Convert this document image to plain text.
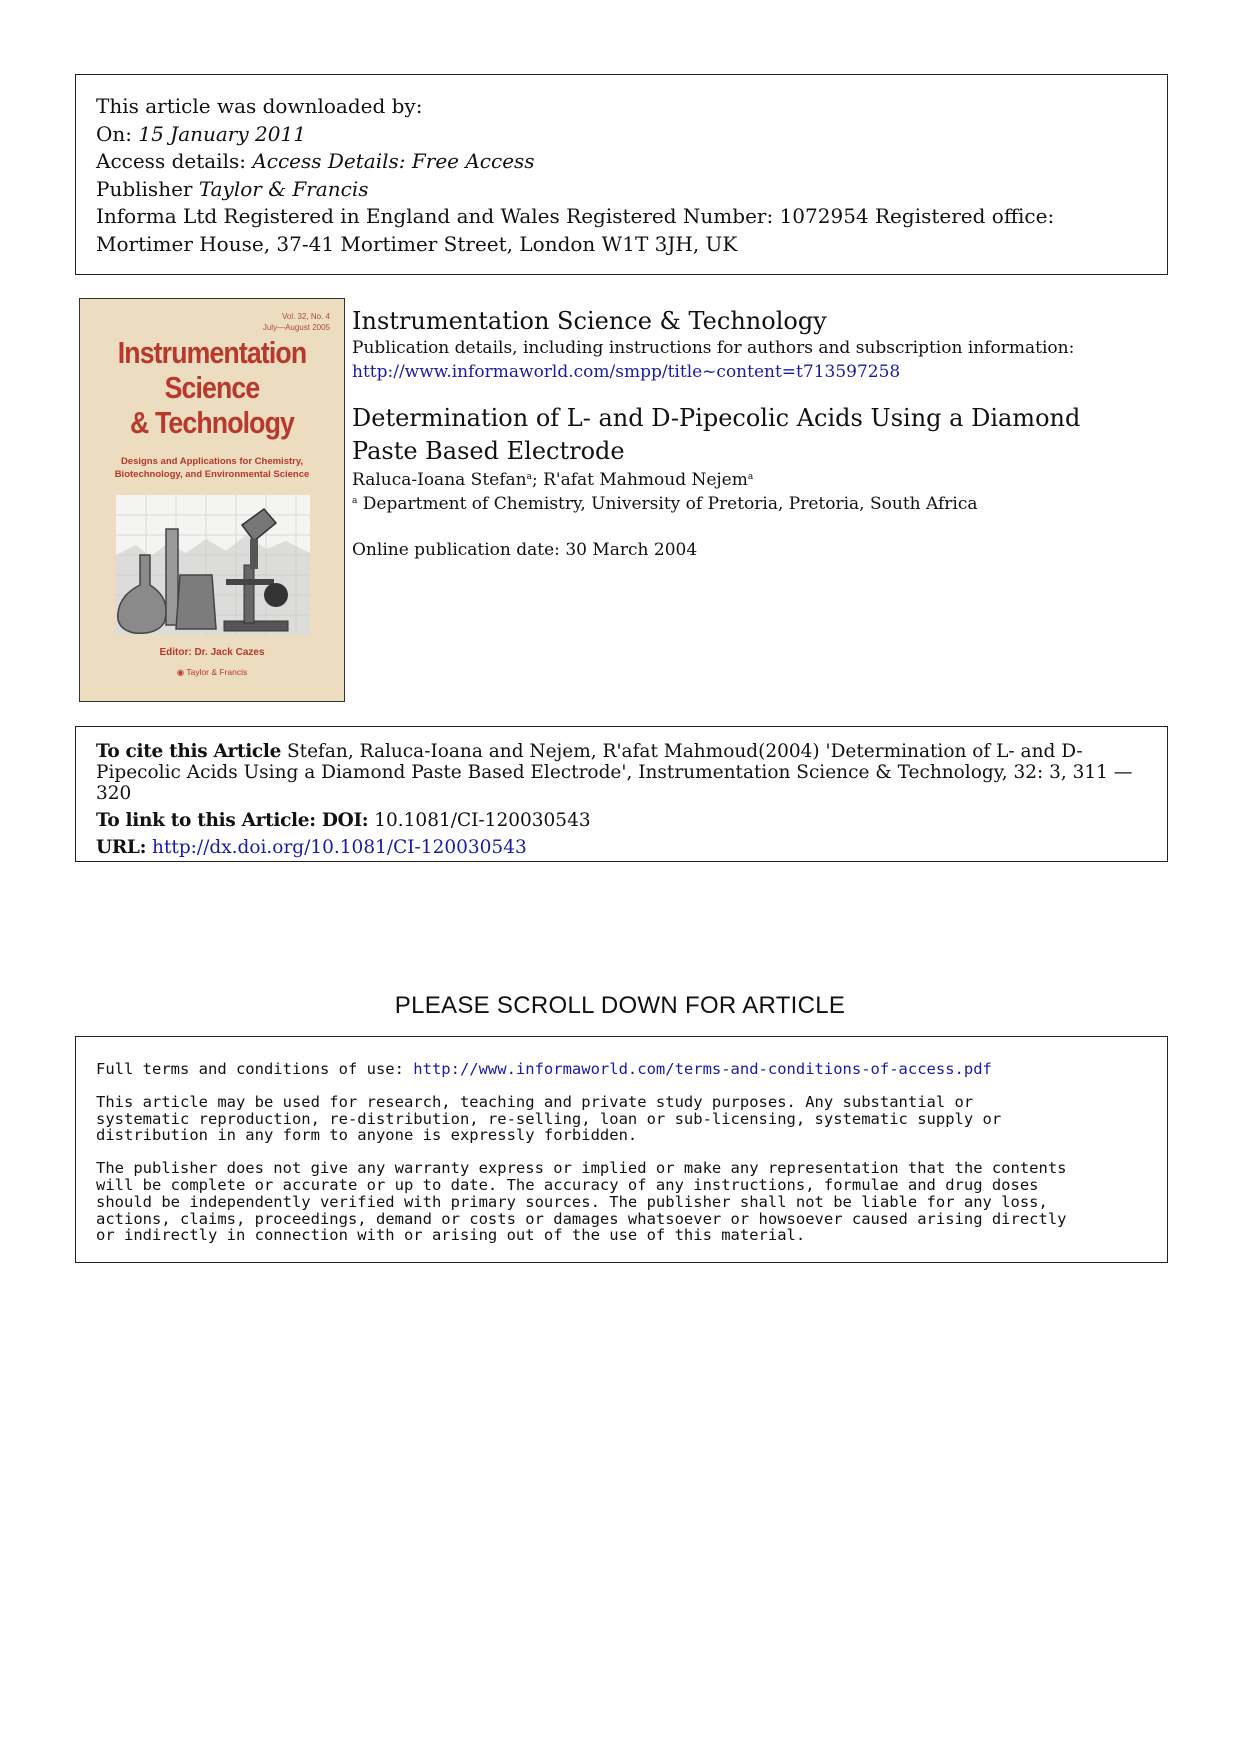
This article was downloaded by:
On: 15 January 2011
Access details: Access Details: Free Access
Publisher Taylor & Francis
Informa Ltd Registered in England and Wales Registered Number: 1072954 Registered office: Mortimer House, 37-41 Mortimer Street, London W1T 3JH, UK
Vol. 32, No. 4
July—August 2005
Instrumentation
Science
& Technology
Designs and Applications for Chemistry,
Biotechnology, and Environmental Science
Editor: Dr. Jack Cazes
◉ Taylor & Francis
Instrumentation Science & Technology
Publication details, including instructions for authors and subscription information:
http://www.informaworld.com/smpp/title~content=t713597258
Determination of L- and D-Pipecolic Acids Using a Diamond Paste Based Electrode
Raluca-Ioana Stefan$^a$; R'afat Mahmoud Nejem$^a$
$^a$ Department of Chemistry, University of Pretoria, Pretoria, South Africa
Online publication date: 30 March 2004
To cite this Article Stefan, Raluca-Ioana and Nejem, R'afat Mahmoud(2004) 'Determination of L- and D-Pipecolic Acids Using a Diamond Paste Based Electrode', Instrumentation Science & Technology, 32: 3, 311 — 320
To link to this Article: DOI: 10.1081/CI-120030543
URL: http://dx.doi.org/10.1081/CI-120030543
PLEASE SCROLL DOWN FOR ARTICLE

Full terms and conditions of use: http://www.informaworld.com/terms-and-conditions-of-access.pdf

This article may be used for research, teaching and private study purposes. Any substantial or
systematic reproduction, re-distribution, re-selling, loan or sub-licensing, systematic supply or
distribution in any form to anyone is expressly forbidden.

The publisher does not give any warranty express or implied or make any representation that the contents
will be complete or accurate or up to date. The accuracy of any instructions, formulae and drug doses
should be independently verified with primary sources. The publisher shall not be liable for any loss,
actions, claims, proceedings, demand or costs or damages whatsoever or howsoever caused arising directly
or indirectly in connection with or arising out of the use of this material.
